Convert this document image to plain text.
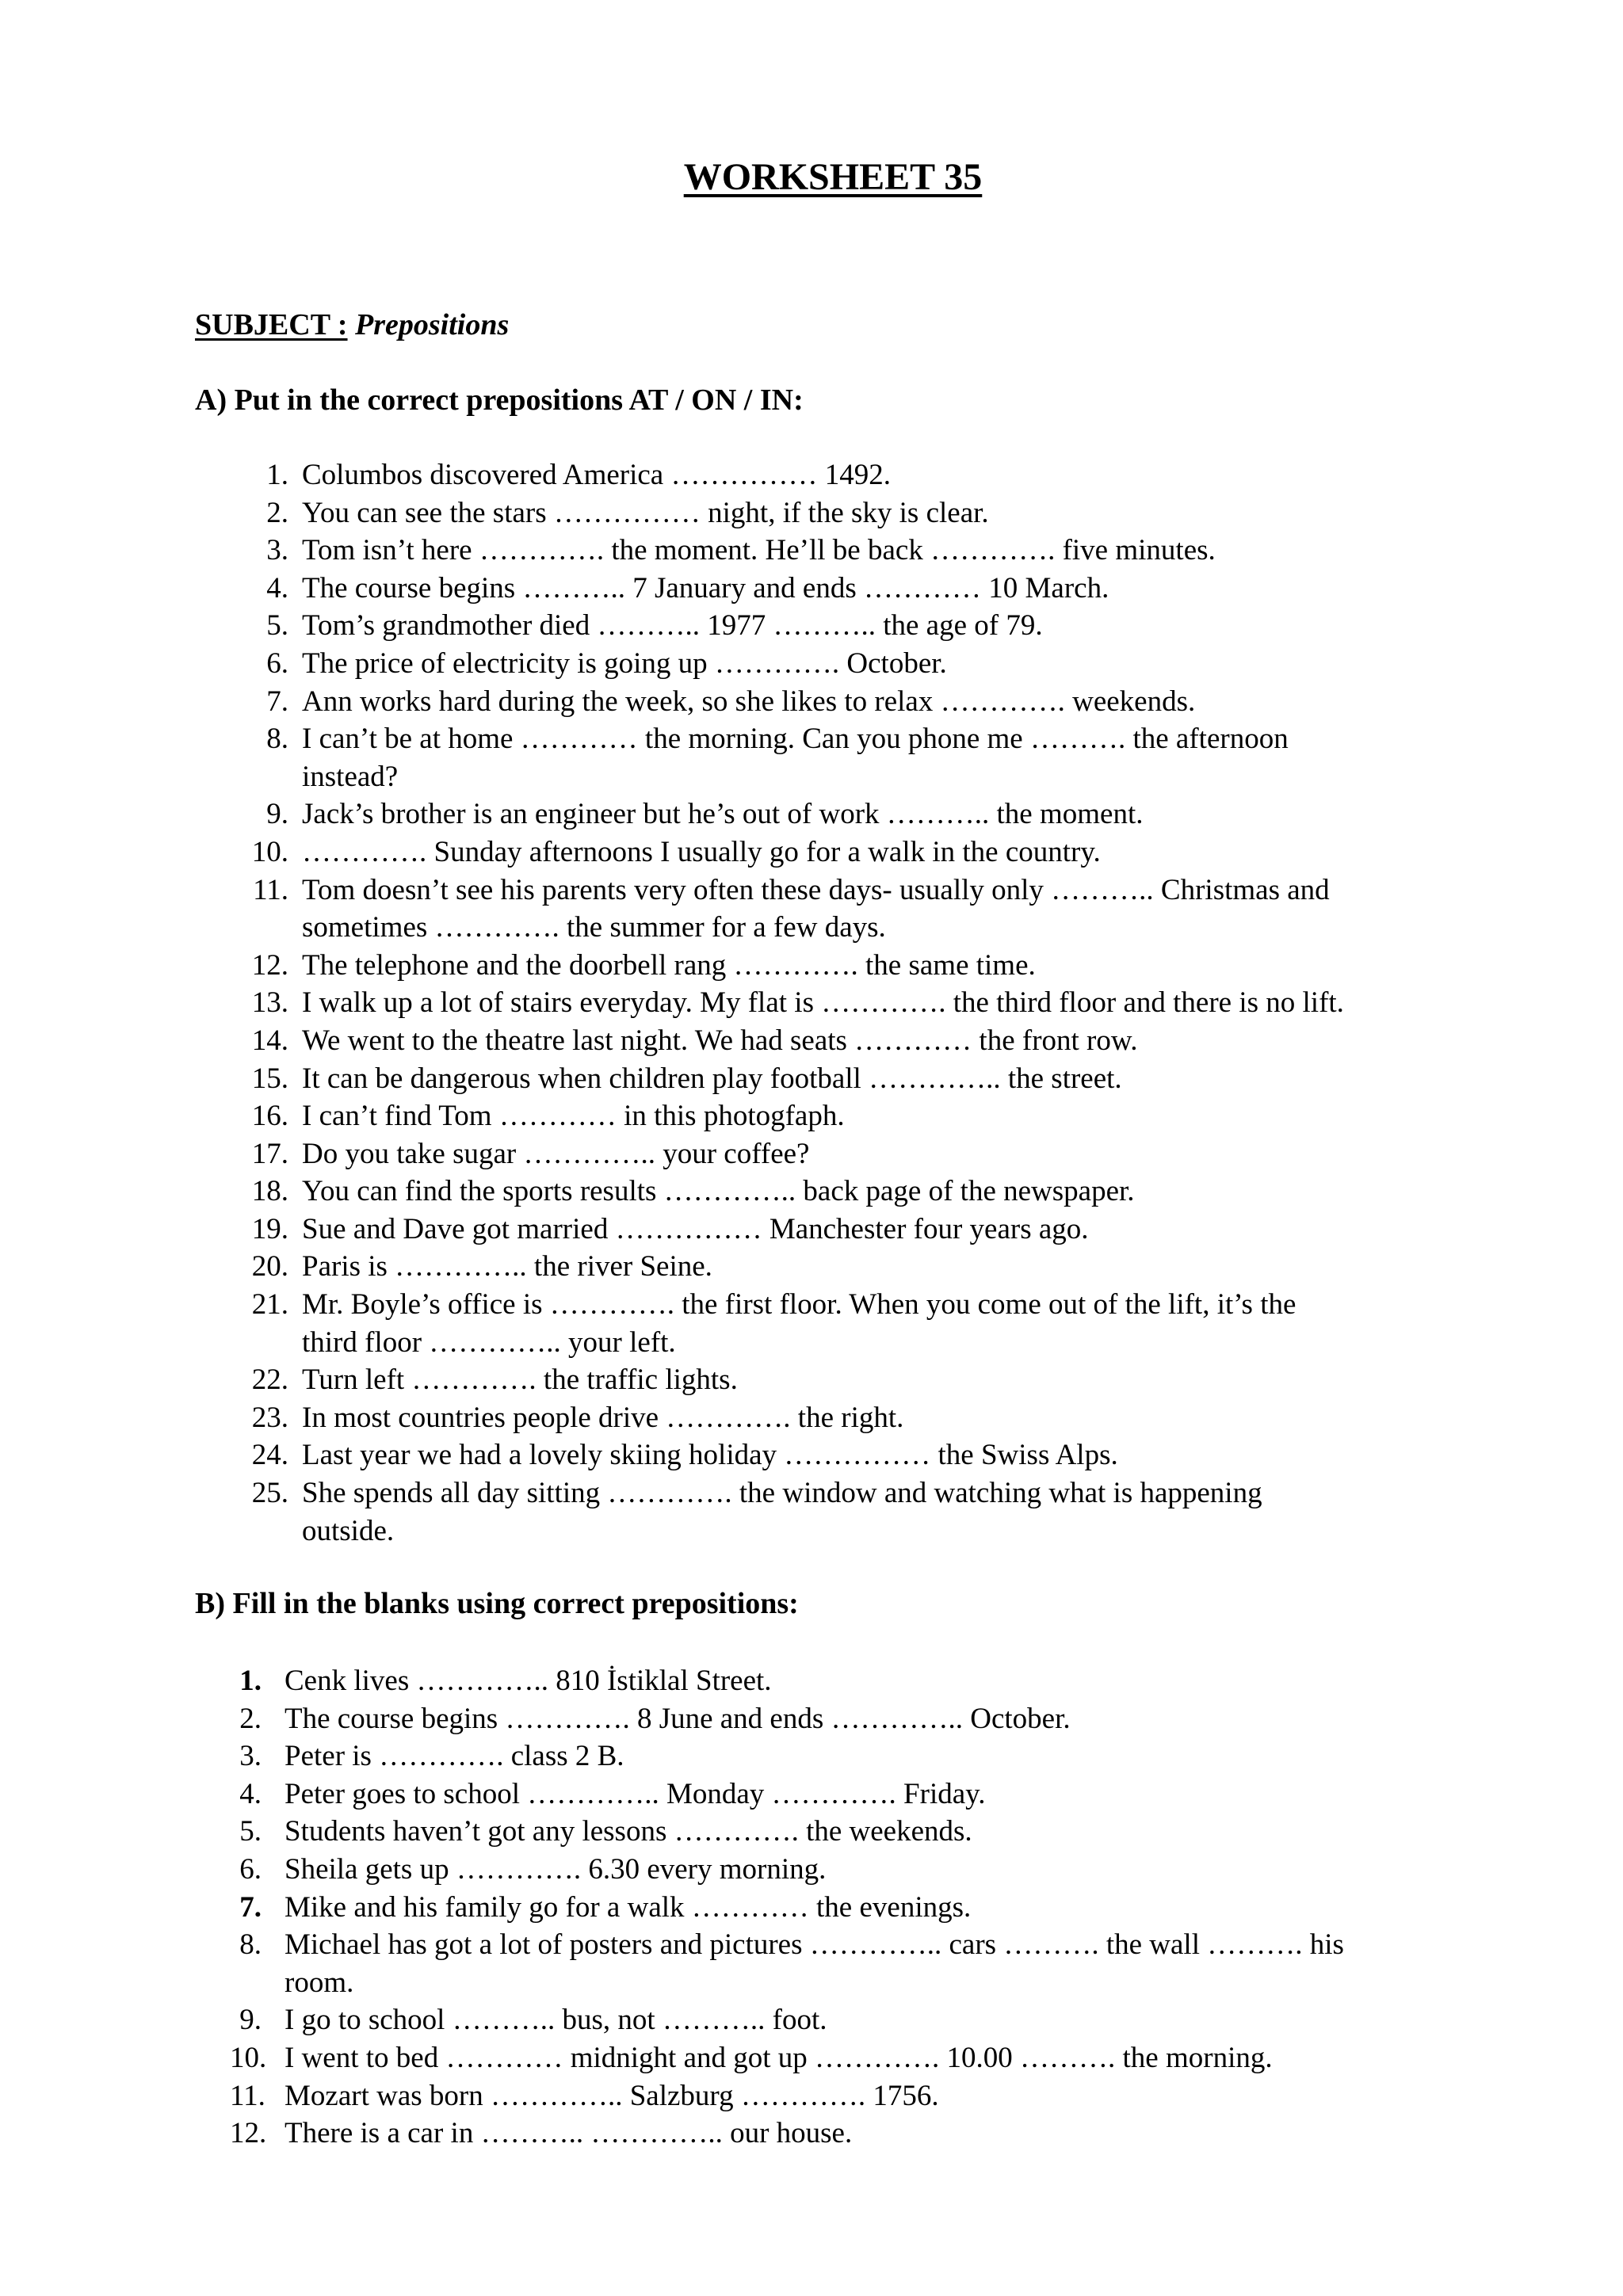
WORKSHEET 35
SUBJECT : Prepositions
A) Put in the correct prepositions AT / ON / IN:
1. Columbos discovered America …………… 1492.
2. You can see the stars …………… night, if the sky is clear.
3. Tom isn’t here …………. the moment. He’ll be back …………. five minutes.
4. The course begins ……….. 7 January and ends ………… 10 March.
5. Tom’s grandmother died ……….. 1977 ……….. the age of 79.
6. The price of electricity is going up …………. October.
7. Ann works hard during the week, so she likes to relax …………. weekends.
8. I can’t be at home ………… the morning. Can you phone me ………. the afternoon
instead?
9. Jack’s brother is an engineer but he’s out of work ……….. the moment.
10. …………. Sunday afternoons I usually go for a walk in the country.
11. Tom doesn’t see his parents very often these days- usually only ……….. Christmas and
sometimes …………. the summer for a few days.
12. The telephone and the doorbell rang …………. the same time.
13. I walk up a lot of stairs everyday. My flat is …………. the third floor and there is no lift.
14. We went to the theatre last night. We had seats ………… the front row.
15. It can be dangerous when children play football ………….. the street.
16. I can’t find Tom ………… in this photogfaph.
17. Do you take sugar ………….. your coffee?
18. You can find the sports results ………….. back page of the newspaper.
19. Sue and Dave got married …………… Manchester four years ago.
20. Paris is ………….. the river Seine.
21. Mr. Boyle’s office is …………. the first floor. When you come out of the lift, it’s the
third floor ………….. your left.
22. Turn left …………. the traffic lights.
23. In most countries people drive …………. the right.
24. Last year we had a lovely skiing holiday …………… the Swiss Alps.
25. She spends all day sitting …………. the window and watching what is happening
outside.
B) Fill in the blanks using correct prepositions:
1. Cenk lives ………….. 810 İstiklal Street.
2. The course begins …………. 8 June and ends ………….. October.
3. Peter is …………. class 2 B.
4. Peter goes to school ………….. Monday …………. Friday.
5. Students haven’t got any lessons …………. the weekends.
6. Sheila gets up …………. 6.30 every morning.
7. Mike and his family go for a walk ………… the evenings.
8. Michael has got a lot of posters and pictures ………….. cars ………. the wall ………. his
room.
9. I go to school ……….. bus, not ……….. foot.
10. I went to bed ………… midnight and got up …………. 10.00 ………. the morning.
11. Mozart was born ………….. Salzburg …………. 1756.
12. There is a car in ……….. ………….. our house.
